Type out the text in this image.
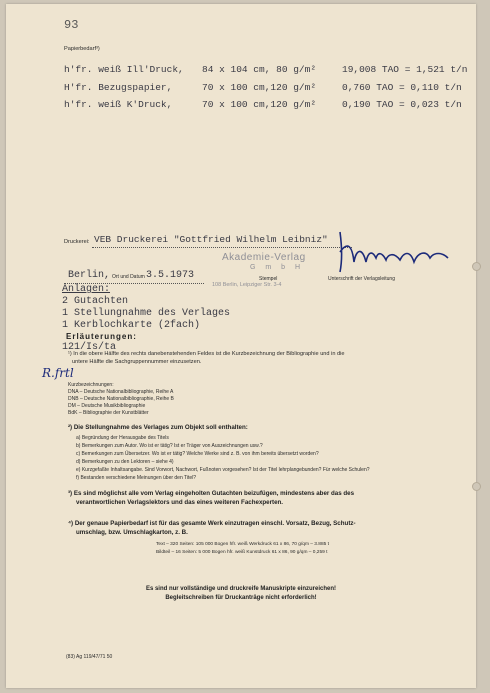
93
Papierbedarf³)
h'fr. weiß Ill'Druck, 84 x 104 cm, 80 g/m²	19,008 TAO = 1,521 t/n
H'fr. Bezugspapier,	70 x 100 cm,120 g/m²	0,760 TAO = 0,110 t/n
h'fr. weiß K'Druck,	70 x 100 cm,120 g/m²	0,190 TAO = 0,023 t/n
Druckerei: VEB Druckerei "Gottfried Wilhelm Leibniz"
Akademie-Verlag
G m b H
108 Berlin, Leipziger Str. 3-4
Berlin, Ort und Datum 3.5.1973	Stempel	Unterschrift der Verlagsleitung
Anlagen:
2 Gutachten
1 Stellungnahme des Verlages
1 Kerblochkarte (2fach)
Erläuterungen:
121/Is/ta
¹) In die obere Hälfte des rechts danebenstehenden Feldes ist die Kurzbezeichnung der Bibliographie und in die
untere Hälfte die Sachgruppennummer einzusetzen.
R.frtl
Kurzbezeichnungen:
DNA – Deutsche Nationalbibliographie, Reihe A
DNB – Deutsche Nationalbibliographie, Reihe B
DM – Deutsche Musikbibliographie
BdK – Bibliographie der Kunstblätter
²) Die Stellungnahme des Verlages zum Objekt soll enthalten:
a) Begründung der Herausgabe des Titels
b) Bemerkungen zum Autor. Wo ist er tätig? Ist er Träger von Auszeichnungen usw.?
c) Bemerkungen zum Übersetzer. Wo ist er tätig? Welche Werke sind z. B. von ihm bereits übersetzt worden?
d) Bemerkungen zu den Lektoren – siehe 4)
e) Kurzgefaßte Inhaltsangabe. Sind Vorwort, Nachwort, Fußnoten vorgesehen? Ist der Titel lehrplangebunden? Für welche Schulen?
f) Bestanden verschiedene Meinungen über den Titel?
³) Es sind möglichst alle vom Verlag eingeholten Gutachten beizufügen, mindestens aber das des
verantwortlichen Verlagslektors und das eines weiteren Fachexperten.
⁴) Der genaue Papierbedarf ist für das gesamte Werk einzutragen einschl. Vorsatz, Bezug, Schutz-
umschlag, bzw. Umschlagkarton, z. B.
Text – 320 Seiten: 105 000 Bogen hfr. weiß Werkdruck 61 x 86, 70 g/qm – 3.885 t
Bildteil – 16 Seiten: 5 000 Bogen hfr. weiß Kunstdruck 61 x 86, 90 g/qm – 0,259 t
Es sind nur vollständige und druckreife Manuskripte einzureichen!
Begleitschreiben für Druckanträge nicht erforderlich!
(83) Ag 119/47/71 50
